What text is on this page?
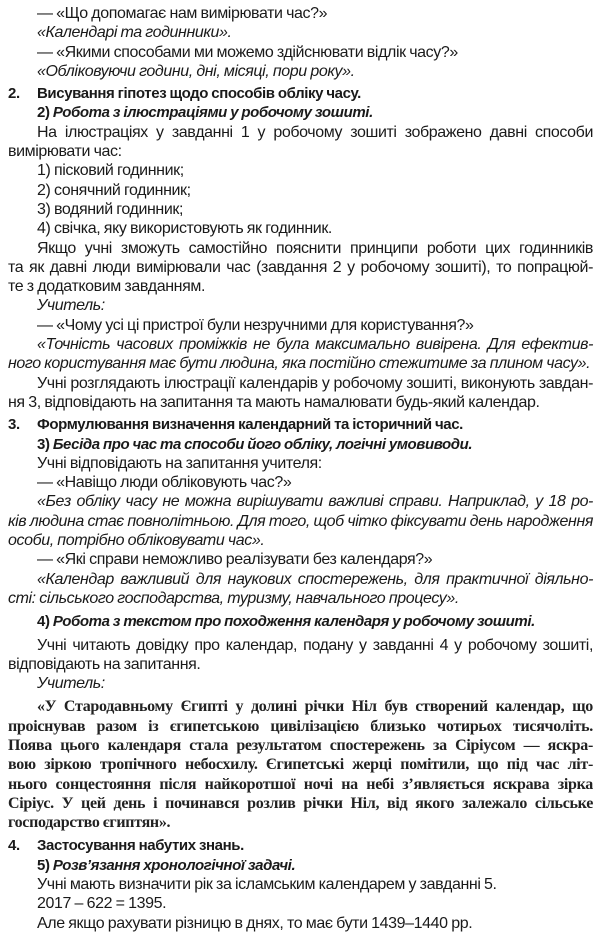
— «Що допомагає нам вимірювати час?»
«Календарі та годинники».
— «Якими способами ми можемо здійснювати відлік часу?»
«Обліковуючи години, дні, місяці, пори року».
2. Висування гіпотез щодо способів обліку часу.
2) Робота з ілюстраціями у робочому зошиті.
На ілюстраціях у завданні 1 у робочому зошиті зображено давні способи
вимірювати час:
1) пісковий годинник;
2) сонячний годинник;
3) водяний годинник;
4) свічка, яку використовують як годинник.
Якщо учні зможуть самостійно пояснити принципи роботи цих годинників
та як давні люди вимірювали час (завдання 2 у робочому зошиті), то попрацюй-
те з додатковим завданням.
Учитель:
— «Чому усі ці пристрої були незручними для користування?»
«Точність часових проміжків не була максимально вивірена. Для ефектив-
ного користування має бути людина, яка постійно стежитиме за плином часу».
Учні розглядають ілюстрації календарів у робочому зошиті, виконують завдан-
ня 3, відповідають на запитання та мають намалювати будь-який календар.
3. Формулювання визначення календарний та історичний час.
3) Бесіда про час та способи його обліку, логічні умовиводи.
Учні відповідають на запитання учителя:
— «Навіщо люди обліковують час?»
«Без обліку часу не можна вирішувати важливі справи. Наприклад, у 18 ро-
ків людина стає повнолітньою. Для того, щоб чітко фіксувати день народження
особи, потрібно обліковувати час».
— «Які справи неможливо реалізувати без календаря?»
«Календар важливий для наукових спостережень, для практичної діяльно-
сті: сільського господарства, туризму, навчального процесу».
4) Робота з текстом про походження календаря у робочому зошиті.
Учні читають довідку про календар, подану у завданні 4 у робочому зошиті,
відповідають на запитання.
Учитель:
«У Стародавньому Єгипті у долині річки Ніл був створений календар, що
проіснував разом із єгипетською цивілізацією близько чотирьох тисячоліть.
Поява цього календаря стала результатом спостережень за Сіріусом — яскра-
вою зіркою тропічного небосхилу. Єгипетські жерці помітили, що під час літ-
нього сонцестояння після найкоротшої ночі на небі з’являється яскрава зірка
Сіріус. У цей день і починався розлив річки Ніл, від якого залежало сільське
господарство єгиптян».
4. Застосування набутих знань.
5) Розв’язання хронологічної задачі.
Учні мають визначити рік за ісламським календарем у завданні 5.
2017 – 622 = 1395.
Але якщо рахувати різницю в днях, то має бути 1439–1440 рр.
